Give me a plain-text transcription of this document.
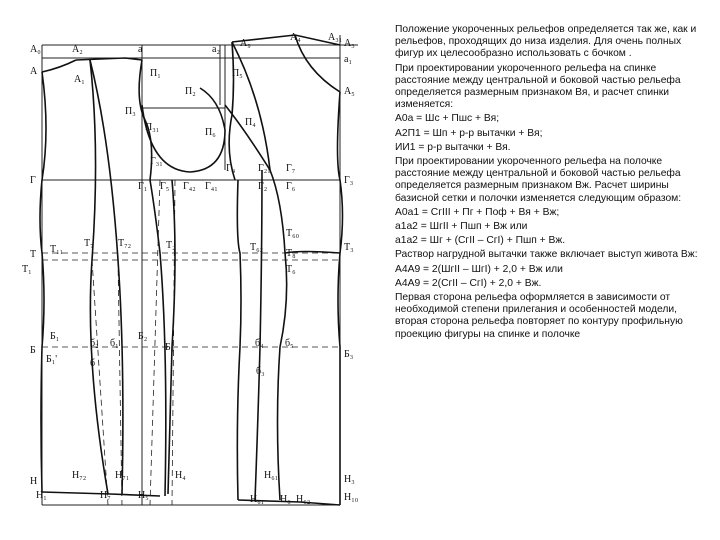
А₀	А₂	а	а₂
А₉
А₄	А₃₁
А₃
А
А₁
П₁	П₅
а₁
А₅
П₂
П₃
П₃₁	П₆
П₄
Г₃₁
Г₄ Г₂₁ Г₇
Г
Г₁ Г₅ Г₄₂ Г₄₁	Г₂ Г₆
Г₃
Т₆₀
Т Т₁₁
Т₇ Т₇₂	Т₂	Т₆₂	Т₃
Т₁
Т₈
Т₆
Б₁
б₂ б₁
Б₂
Б₄	б₄ б₅
Б	Б₃
Б₁'	б
б₃
Н₇₂	Н₇₁	Н₄	Н₆₁	Н₃
Н
Н₁	Н₇	Н₅	Н₆ Н₆₂
Н₆₁	Н₁₀

Положение укороченных рельефов определяется так же, как и рельефов, проходящих до низа изделия. Для очень полных фигур их целесообразно использовать с бочком .

При проектировании укороченного рельефа на спинке расстояние между центральной и боковой частью рельефа определяется размерным признаком Вя, и расчет спинки изменяется:

А0а = Шс + Пшс + Вя;

А2П1 = Шп + р-р вытачки + Вя;

ИИ1 = р-р вытачки + Вя.

При проектировании укороченного рельефа на полочке расстояние между центральной и боковой частью рельефа определяется размерным признаком Вж. Расчет ширины базисной сетки и полочки изменяется следующим образом:

А0а1 = СгIII + Пг + Поф + Вя + Вж;

а1а2 = ШгII + Пшп + Вж или

а1а2 = Шг + (СгII – СгI) + Пшп + Вж.

Раствор нагрудной вытачки также включает выступ живота Вж:

А4А9 = 2(ШгII – ШгI) + 2,0 + Вж или

А4А9 = 2(СгII – СгI) + 2,0 + Вж.

Первая сторона рельефа оформляется в зависимости от необходимой степени прилегания и особенностей модели, вторая сторона рельефа повторяет по контуру профильную проекцию фигуры на спинке и полочке
